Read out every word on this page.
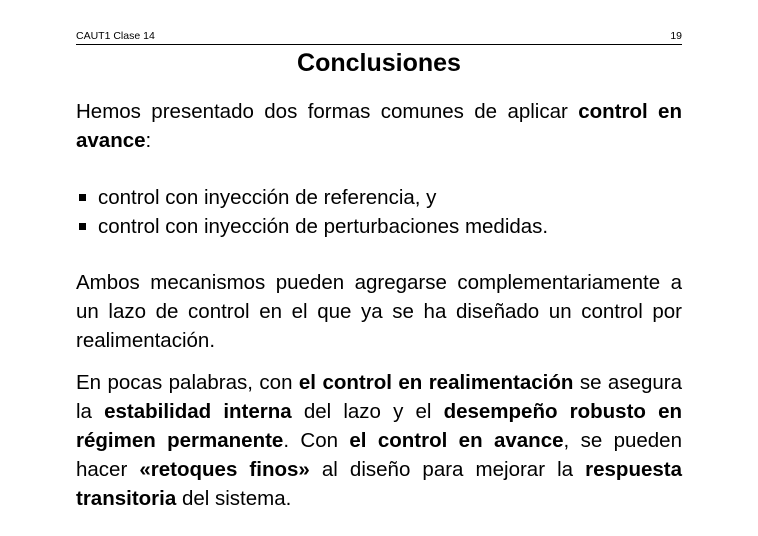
CAUT1 Clase 14	19
Conclusiones

Hemos presentado dos formas comunes de aplicar control en avance:

control con inyección de referencia, y
control con inyección de perturbaciones medidas.

Ambos mecanismos pueden agregarse complementariamente a un lazo de control en el que ya se ha diseñado un control por realimentación.

En pocas palabras, con el control en realimentación se asegura la estabilidad interna del lazo y el desempeño robusto en régimen permanente. Con el control en avance, se pueden hacer «retoques finos» al diseño para mejorar la respuesta transitoria del sistema.
